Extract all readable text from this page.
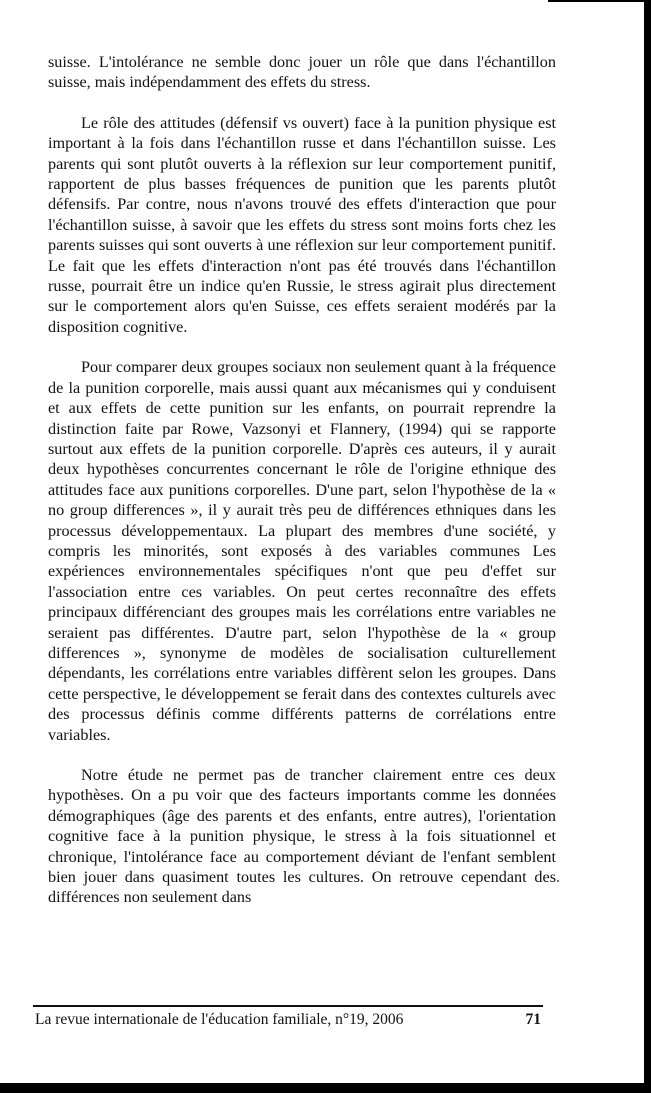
suisse. L'intolérance ne semble donc jouer un rôle que dans l'échantillon suisse, mais indépendamment des effets du stress.

Le rôle des attitudes (défensif vs ouvert) face à la punition physique est important à la fois dans l'échantillon russe et dans l'échantillon suisse. Les parents qui sont plutôt ouverts à la réflexion sur leur comportement punitif, rapportent de plus basses fréquences de punition que les parents plutôt défensifs. Par contre, nous n'avons trouvé des effets d'interaction que pour l'échantillon suisse, à savoir que les effets du stress sont moins forts chez les parents suisses qui sont ouverts à une réflexion sur leur comportement punitif. Le fait que les effets d'interaction n'ont pas été trouvés dans l'échantillon russe, pourrait être un indice qu'en Russie, le stress agirait plus directement sur le comportement alors qu'en Suisse, ces effets seraient modérés par la disposition cognitive.

Pour comparer deux groupes sociaux non seulement quant à la fréquence de la punition corporelle, mais aussi quant aux mécanismes qui y conduisent et aux effets de cette punition sur les enfants, on pourrait reprendre la distinction faite par Rowe, Vazsonyi et Flannery, (1994) qui se rapporte surtout aux effets de la punition corporelle. D'après ces auteurs, il y aurait deux hypothèses concurrentes concernant le rôle de l'origine ethnique des attitudes face aux punitions corporelles. D'une part, selon l'hypothèse de la « no group differences », il y aurait très peu de différences ethniques dans les processus développementaux. La plupart des membres d'une société, y compris les minorités, sont exposés à des variables communes Les expériences environnementales spécifiques n'ont que peu d'effet sur l'association entre ces variables. On peut certes reconnaître des effets principaux différenciant des groupes mais les corrélations entre variables ne seraient pas différentes. D'autre part, selon l'hypothèse de la « group differences », synonyme de modèles de socialisation culturellement dépendants, les corrélations entre variables diffèrent selon les groupes. Dans cette perspective, le développement se ferait dans des contextes culturels avec des processus définis comme différents patterns de corrélations entre variables.

Notre étude ne permet pas de trancher clairement entre ces deux hypothèses. On a pu voir que des facteurs importants comme les données démographiques (âge des parents et des enfants, entre autres), l'orientation cognitive face à la punition physique, le stress à la fois situationnel et chronique, l'intolérance face au comportement déviant de l'enfant semblent bien jouer dans quasiment toutes les cultures. On retrouve cependant des différences non seulement dans

La revue internationale de l'éducation familiale, n°19, 2006	71
